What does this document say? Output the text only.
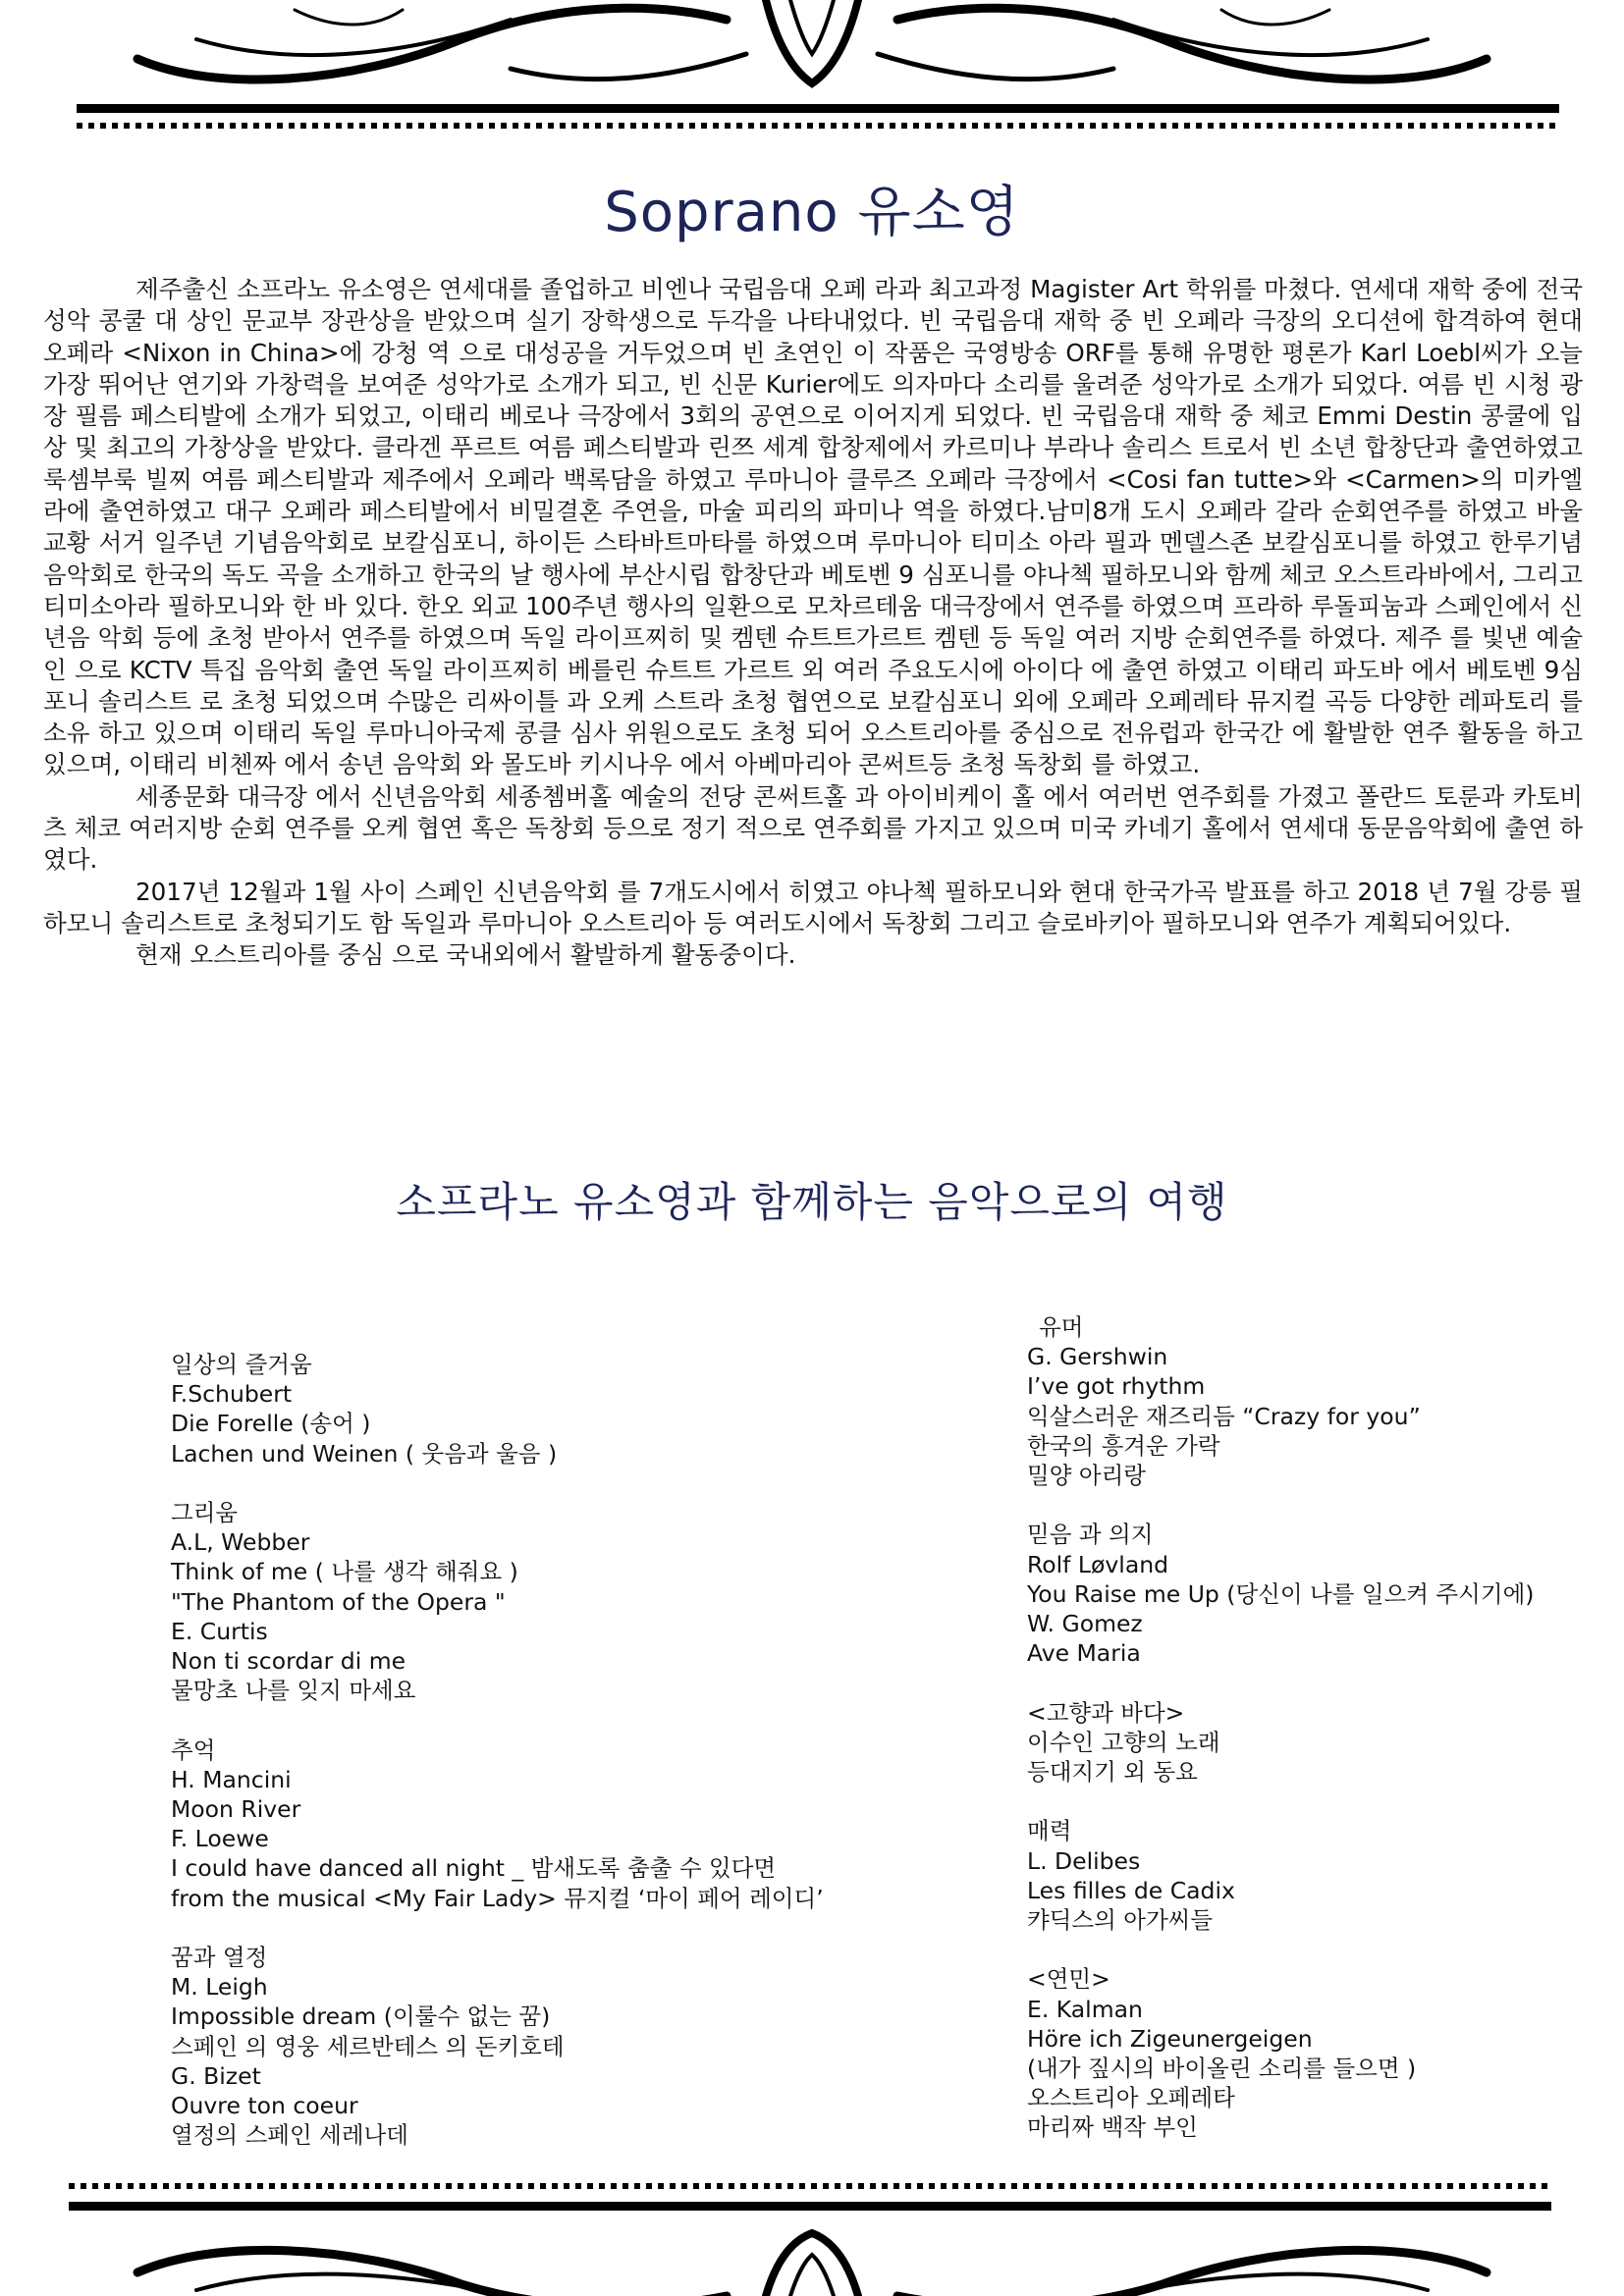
Soprano 유소영

제주출신 소프라노 유소영은 연세대를 졸업하고 비엔나 국립음대 오페 라과 최고과정 Magister Art 학위를 마쳤다. 연세대 재학 중에 전국 성악 콩쿨 대 상인 문교부 장관상을 받았으며 실기 장학생으로 두각을 나타내었다. 빈 국립음대 재학 중 빈 오페라 극장의 오디션에 합격하여 현대 오페라 <Nixon in China>에 강청 역 으로 대성공을 거두었으며 빈 초연인 이 작품은 국영방송 ORF를 통해 유명한 평론가 Karl Loebl씨가 오늘 가장 뛰어난 연기와 가창력을 보여준 성악가로 소개가 되고, 빈 신문 Kurier에도 의자마다 소리를 울려준 성악가로 소개가 되었다. 여름 빈 시청 광장 필름 페스티발에 소개가 되었고, 이태리 베로나 극장에서 3회의 공연으로 이어지게 되었다. 빈 국립음대 재학 중 체코 Emmi Destin 콩쿨에 입상 및 최고의 가창상을 받았다. 클라겐 푸르트 여름 페스티발과 린쯔 세계 합창제에서 카르미나 부라나 솔리스 트로서 빈 소년 합창단과 출연하였고 룩셈부룩 빌찌 여름 페스티발과 제주에서 오페라 백록담을 하였고 루마니아 클루즈 오페라 극장에서 <Cosi fan tutte>와 <Carmen>의 미카엘라에 출연하였고 대구 오페라 페스티발에서 비밀결혼 주연을, 마술 피리의 파미나 역을 하였다.남미8개 도시 오페라 갈라 순회연주를 하였고 바울 교황 서거 일주년 기념음악회로 보칼심포니, 하이든 스타바트마타를 하였으며 루마니아 티미소 아라 필과 멘델스존 보칼심포니를 하였고 한루기념 음악회로 한국의 독도 곡을 소개하고 한국의 날 행사에 부산시립 합창단과 베토벤 9 심포니를 야나첵 필하모니와 함께 체코 오스트라바에서, 그리고 티미소아라 필하모니와 한 바 있다. 한오 외교 100주년 행사의 일환으로 모차르테움 대극장에서 연주를 하였으며 프라하 루돌피눔과 스페인에서 신년음 악회 등에 초청 받아서 연주를 하였으며 독일 라이프찌히 및 켐텐 슈트트가르트 켐텐 등 독일 여러 지방 순회연주를 하였다. 제주 를 빛낸 예술인 으로 KCTV 특집 음악회 출연 독일 라이프찌히 베를린 슈트트 가르트 외 여러 주요도시에 아이다 에 출연 하였고 이태리 파도바 에서 베토벤 9심포니 솔리스트 로 초청 되었으며 수많은 리싸이틀 과 오케 스트라 초청 협연으로 보칼심포니 외에 오페라 오페레타 뮤지컬 곡등 다양한 레파토리 를 소유 하고 있으며 이태리 독일 루마니아국제 콩클 심사 위원으로도 초청 되어 오스트리아를 중심으로 전유럽과 한국간 에 활발한 연주 활동을 하고 있으며, 이태리 비첸짜 에서 송년 음악회 와 몰도바 키시나우 에서 아베마리아 콘써트등 초청 독창회 를 하였고.

세종문화 대극장 에서 신년음악회 세종쳄버홀 예술의 전당 콘써트홀 과 아이비케이 홀 에서 여러번 연주회를 가졌고 폴란드 토룬과 카토비츠 체코 여러지방 순회 연주를 오케 협연 혹은 독창회 등으로 정기 적으로 연주회를 가지고 있으며 미국 카네기 홀에서 연세대 동문음악회에 출연 하였다.

2017년 12월과 1월 사이 스페인 신년음악회 를 7개도시에서 히였고 야나첵 필하모니와 현대 한국가곡 발표를 하고 2018 년 7월 강릉 필하모니 솔리스트로 초청되기도 함 독일과 루마니아 오스트리아 등 여러도시에서 독창회 그리고 슬로바키아 필하모니와 연주가 계획되어있다.

현재 오스트리아를 중심 으로 국내외에서 활발하게 활동중이다.

소프라노 유소영과 함께하는 음악으로의 여행
일상의 즐거움
F.Schubert
Die Forelle (송어 )
Lachen und Weinen ( 웃음과 울음 )
그리움
A.L, Webber
Think of me ( 나를 생각 해줘요 )
"The Phantom of the Opera "
E. Curtis
Non ti scordar di me
물망초 나를 잊지 마세요
추억
H. Mancini
Moon River
F. Loewe
I could have danced all night _ 밤새도록 춤출 수 있다면
from the musical <My Fair Lady> 뮤지컬 ‘마이 페어 레이디’
꿈과 열정
M. Leigh
Impossible dream (이룰수 없는 꿈)
스페인 의 영웅 세르반테스 의 돈키호테
G. Bizet
Ouvre ton coeur
열정의 스페인 세레나데
유머
G. Gershwin
I’ve got rhythm
익살스러운 재즈리듬 “Crazy for you”
한국의 흥겨운 가락
밀양 아리랑
믿음 과 의지
Rolf Løvland
You Raise me Up (당신이 나를 일으켜 주시기에)
W. Gomez
Ave Maria
<고향과 바다>
이수인 고향의 노래
등대지기 외 동요
매력
L. Delibes
Les filles de Cadix
캬딕스의 아가씨들
<연민>
E. Kalman
Höre ich Zigeunergeigen
(내가 짚시의 바이올린 소리를 들으면 )
오스트리아 오페레타
마리짜 백작 부인
